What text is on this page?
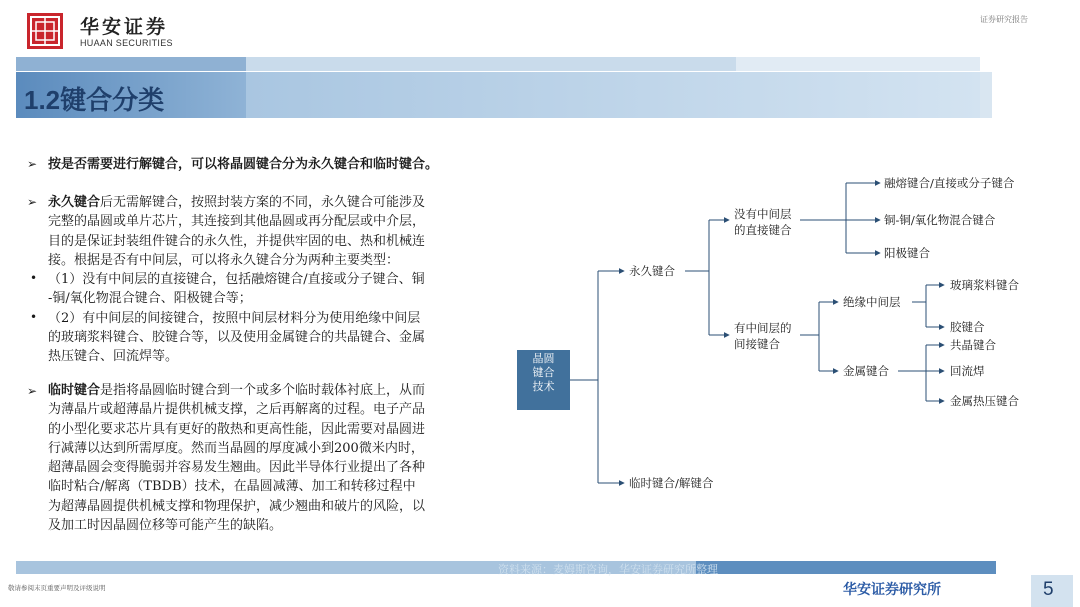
华安证券
HUAAN SECURITIES
证券研究报告
1.2键合分类
➢ 按是否需要进行解键合，可以将晶圆键合分为永久键合和临时键合。
➢ 永久键合后无需解键合，按照封装方案的不同，永久键合可能涉及
完整的晶圆或单片芯片，其连接到其他晶圆或再分配层或中介层，
目的是保证封装组件键合的永久性，并提供牢固的电、热和机械连
接。根据是否有中间层，可以将永久键合分为两种主要类型：
（1）没有中间层的直接键合，包括融熔键合/直接或分子键合、铜
-铜/氧化物混合键合、阳极键合等；
（2）有中间层的间接键合，按照中间层材料分为使用绝缘中间层
的玻璃浆料键合、胶键合等，以及使用金属键合的共晶键合、金属
热压键合、回流焊等。
•
•
➢ 临时键合是指将晶圆临时键合到一个或多个临时载体衬底上，从而
为薄晶片或超薄晶片提供机械支撑，之后再解离的过程。电子产品
的小型化要求芯片具有更好的散热和更高性能，因此需要对晶圆进
行减薄以达到所需厚度。然而当晶圆的厚度减小到200微米内时，
超薄晶圆会变得脆弱并容易发生翘曲。因此半导体行业提出了各种
临时粘合/解离（TBDB）技术，在晶圆减薄、加工和转移过程中
为超薄晶圆提供机械支撑和物理保护，减少翘曲和破片的风险，以
及加工时因晶圆位移等可能产生的缺陷。
晶圆
键合
技术
永久键合
临时键合/解键合
没有中间层
的直接键合
有中间层的
间接键合
融熔键合/直接或分子键合
铜-铜/氧化物混合键合
阳极键合
绝缘中间层
金属键合
玻璃浆料键合
胶键合
共晶键合
回流焊
金属热压键合
资料来源：麦姆斯咨询，华安证券研究所整理
敬请参阅末页重要声明及评级说明	华安证券研究所	5
